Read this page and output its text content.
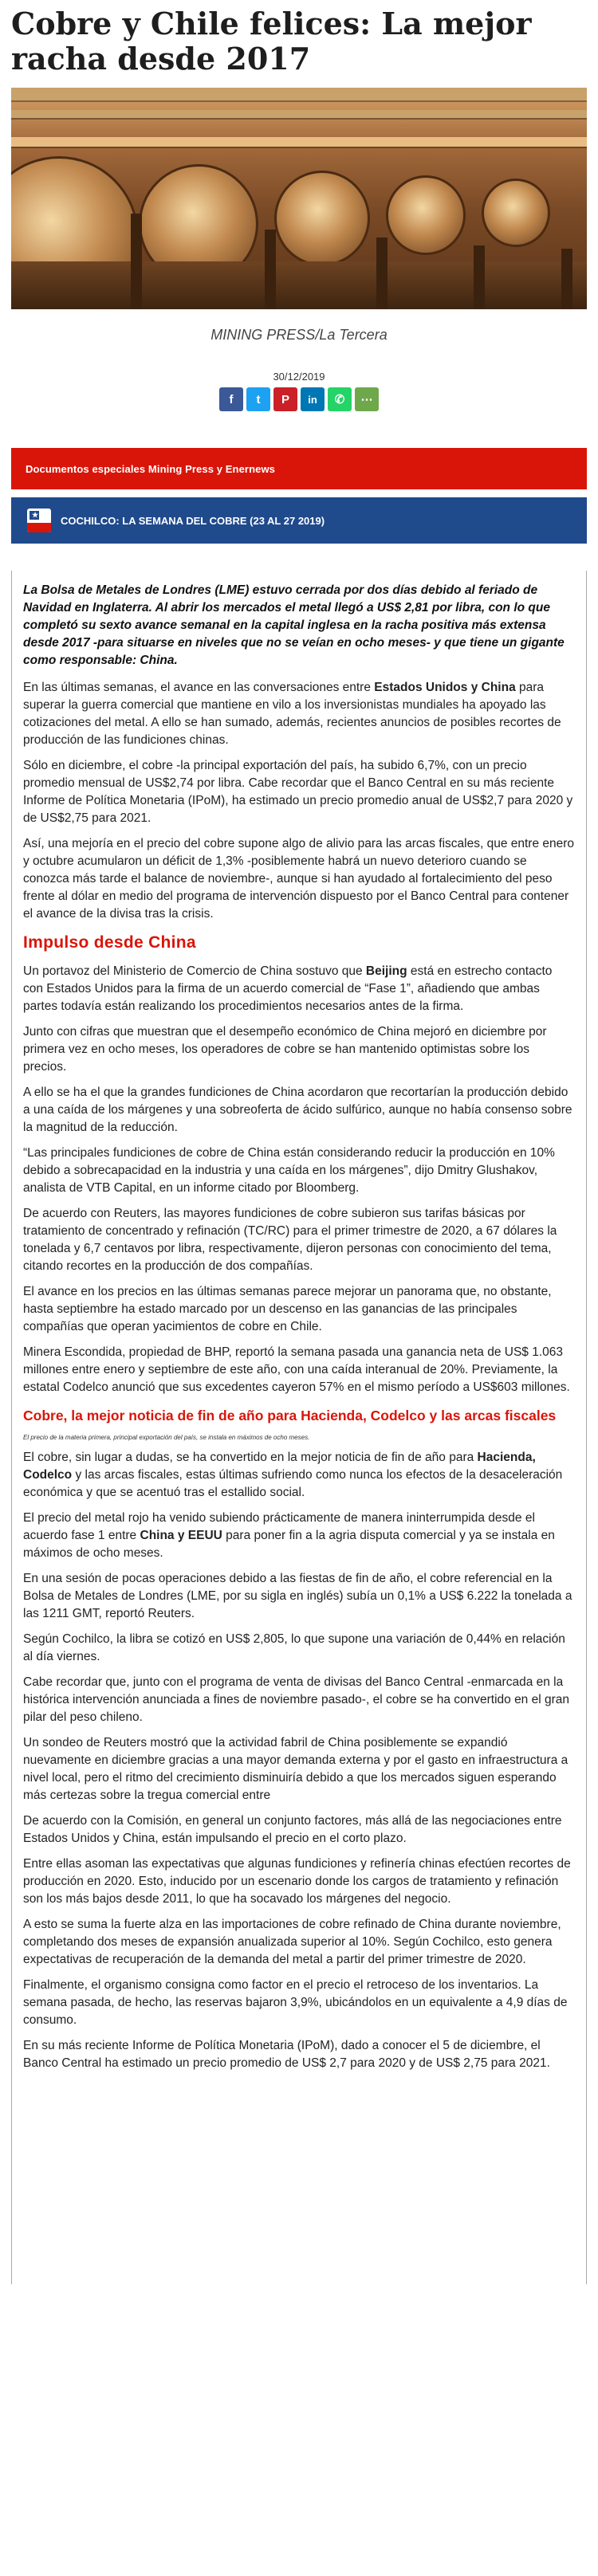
Cobre y Chile felices: La mejor racha desde 2017
MINING PRESS/La Tercera
30/12/2019
f	t	P	in	✆	⋯
Documentos especiales Mining Press y Enernews
★ COCHILCO: LA SEMANA DEL COBRE (23 AL 27 2019)

La Bolsa de Metales de Londres (LME) estuvo cerrada por dos días debido al feriado de Navidad en Inglaterra. Al abrir los mercados el metal llegó a US$ 2,81 por libra, con lo que completó su sexto avance semanal en la capital inglesa en la racha positiva más extensa desde 2017 -para situarse en niveles que no se veían en ocho meses- y que tiene un gigante como responsable: China.

En las últimas semanas, el avance en las conversaciones entre Estados Unidos y China para superar la guerra comercial que mantiene en vilo a los inversionistas mundiales ha apoyado las cotizaciones del metal. A ello se han sumado, además, recientes anuncios de posibles recortes de producción de las fundiciones chinas.

Sólo en diciembre, el cobre -la principal exportación del país, ha subido 6,7%, con un precio promedio mensual de US$2,74 por libra. Cabe recordar que el Banco Central en su más reciente Informe de Política Monetaria (IPoM), ha estimado un precio promedio anual de US$2,7 para 2020 y de US$2,75 para 2021.

Así, una mejoría en el precio del cobre supone algo de alivio para las arcas fiscales, que entre enero y octubre acumularon un déficit de 1,3% -posiblemente habrá un nuevo deterioro cuando se conozca más tarde el balance de noviembre-, aunque si han ayudado al fortalecimiento del peso frente al dólar en medio del programa de intervención dispuesto por el Banco Central para contener el avance de la divisa tras la crisis.

Impulso desde China

Un portavoz del Ministerio de Comercio de China sostuvo que Beijing está en estrecho contacto con Estados Unidos para la firma de un acuerdo comercial de “Fase 1”, añadiendo que ambas partes todavía están realizando los procedimientos necesarios antes de la firma.

Junto con cifras que muestran que el desempeño económico de China mejoró en diciembre por primera vez en ocho meses, los operadores de cobre se han mantenido optimistas sobre los precios.

A ello se ha el que la grandes fundiciones de China acordaron que recortarían la producción debido a una caída de los márgenes y una sobreoferta de ácido sulfúrico, aunque no había consenso sobre la magnitud de la reducción.

“Las principales fundiciones de cobre de China están considerando reducir la producción en 10% debido a sobrecapacidad en la industria y una caída en los márgenes”, dijo Dmitry Glushakov, analista de VTB Capital, en un informe citado por Bloomberg.

De acuerdo con Reuters, las mayores fundiciones de cobre subieron sus tarifas básicas por tratamiento de concentrado y refinación (TC/RC) para el primer trimestre de 2020, a 67 dólares la tonelada y 6,7 centavos por libra, respectivamente, dijeron personas con conocimiento del tema, citando recortes en la producción de dos compañías.

El avance en los precios en las últimas semanas parece mejorar un panorama que, no obstante, hasta septiembre ha estado marcado por un descenso en las ganancias de las principales compañías que operan yacimientos de cobre en Chile.

Minera Escondida, propiedad de BHP, reportó la semana pasada una ganancia neta de US$ 1.063 millones entre enero y septiembre de este año, con una caída interanual de 20%. Previamente, la estatal Codelco anunció que sus excedentes cayeron 57% en el mismo período a US$603 millones.

Cobre, la mejor noticia de fin de año para Hacienda, Codelco y las arcas fiscales

El precio de la materia primera, principal exportación del país, se instala en máximos de ocho meses.

El cobre, sin lugar a dudas, se ha convertido en la mejor noticia de fin de año para Hacienda, Codelco y las arcas fiscales, estas últimas sufriendo como nunca los efectos de la desaceleración económica y que se acentuó tras el estallido social.

El precio del metal rojo ha venido subiendo prácticamente de manera ininterrumpida desde el acuerdo fase 1 entre China y EEUU para poner fin a la agria disputa comercial y ya se instala en máximos de ocho meses.

En una sesión de pocas operaciones debido a las fiestas de fin de año, el cobre referencial en la Bolsa de Metales de Londres (LME, por su sigla en inglés) subía un 0,1% a US$ 6.222 la tonelada a las 1211 GMT, reportó Reuters.

Según Cochilco, la libra se cotizó en US$ 2,805, lo que supone una variación de 0,44% en relación al día viernes.

Cabe recordar que, junto con el programa de venta de divisas del Banco Central -enmarcada en la histórica intervención anunciada a fines de noviembre pasado-, el cobre se ha convertido en el gran pilar del peso chileno.

Un sondeo de Reuters mostró que la actividad fabril de China posiblemente se expandió nuevamente en diciembre gracias a una mayor demanda externa y por el gasto en infraestructura a nivel local, pero el ritmo del crecimiento disminuiría debido a que los mercados siguen esperando más certezas sobre la tregua comercial entre

De acuerdo con la Comisión, en general un conjunto factores, más allá de las negociaciones entre Estados Unidos y China, están impulsando el precio en el corto plazo.

Entre ellas asoman las expectativas que algunas fundiciones y refinería chinas efectúen recortes de producción en 2020. Esto, inducido por un escenario donde los cargos de tratamiento y refinación son los más bajos desde 2011, lo que ha socavado los márgenes del negocio.

A esto se suma la fuerte alza en las importaciones de cobre refinado de China durante noviembre, completando dos meses de expansión anualizada superior al 10%. Según Cochilco, esto genera expectativas de recuperación de la demanda del metal a partir del primer trimestre de 2020.

Finalmente, el organismo consigna como factor en el precio el retroceso de los inventarios. La semana pasada, de hecho, las reservas bajaron 3,9%, ubicándolos en un equivalente a 4,9 días de consumo.

En su más reciente Informe de Política Monetaria (IPoM), dado a conocer el 5 de diciembre, el Banco Central ha estimado un precio promedio de US$ 2,7 para 2020 y de US$ 2,75 para 2021.
